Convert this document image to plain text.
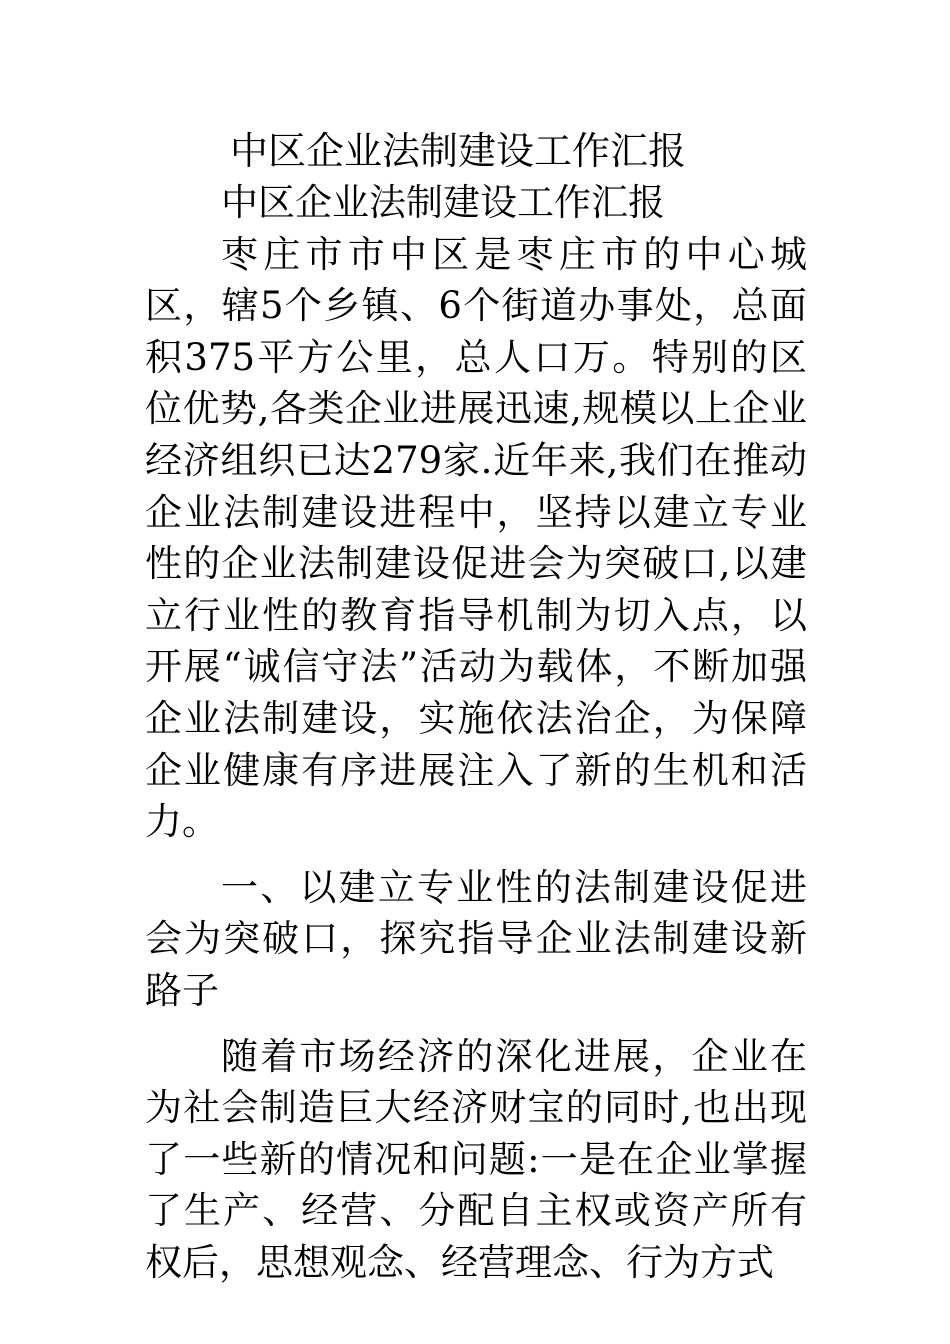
中区企业法制建设工作汇报

中区企业法制建设工作汇报

枣庄市市中区是枣庄市的中心城区，辖5个乡镇、6个街道办事处，总面积375平方公里，总人口万。特别的区位优势,各类企业进展迅速,规模以上企业经济组织已达279家.近年来,我们在推动企业法制建设进程中，坚持以建立专业性的企业法制建设促进会为突破口,以建立行业性的教育指导机制为切入点，以开展“诚信守法”活动为载体，不断加强企业法制建设，实施依法治企，为保障企业健康有序进展注入了新的生机和活力。

一、以建立专业性的法制建设促进会为突破口，探究指导企业法制建设新路子

随着市场经济的深化进展，企业在为社会制造巨大经济财宝的同时,也出现了一些新的情况和问题:一是在企业掌握了生产、经营、分配自主权或资产所有权后，思想观念、经营理念、行为方式
